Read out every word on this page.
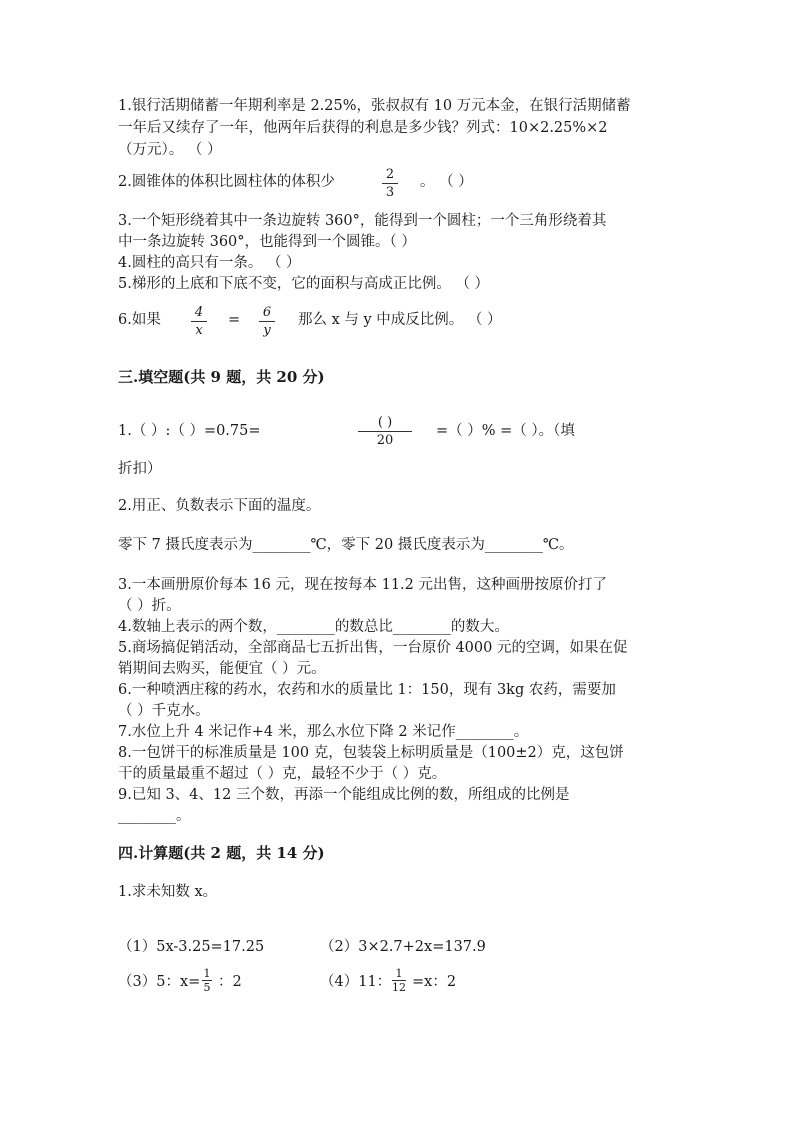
1.银行活期储蓄一年期利率是 2.25%，张叔叔有 10 万元本金，在银行活期储蓄
一年后又续存了一年，他两年后获得的利息是多少钱？列式：10×2.25%×2
（万元）。 （ ）
2.圆锥体的体积比圆柱体的体积少	2
3
。 （ ）
3.一个矩形绕着其中一条边旋转 360°，能得到一个圆柱；一个三角形绕着其
中一条边旋转 360°，也能得到一个圆锥。（ ）
4.圆柱的高只有一条。 （ ）
5.梯形的上底和下底不变，它的面积与高成正比例。 （ ）
6.如果	4
x
= 6
y
那么 x 与 y 中成反比例。 （ ）
三.填空题(共 9 题，共 20 分)
1.（ ）:（ ）=0.75=
( )
20
=（ ）% =（ ）。（填
折扣）
2.用正、负数表示下面的温度。
零下 7 摄氏度表示为________℃，零下 20 摄氏度表示为________℃。
3.一本画册原价每本 16 元，现在按每本 11.2 元出售，这种画册按原价打了
（ ）折。
4.数轴上表示的两个数，________的数总比________的数大。
5.商场搞促销活动，全部商品七五折出售，一台原价 4000 元的空调，如果在促
销期间去购买，能便宜（ ）元。
6.一种喷洒庄稼的药水，农药和水的质量比 1：150，现有 3kg 农药，需要加
（ ）千克水。
7.水位上升 4 米记作+4 米，那么水位下降 2 米记作________。
8.一包饼干的标准质量是 100 克，包装袋上标明质量是（100±2）克，这包饼
干的质量最重不超过（ ）克，最轻不少于（ ）克。
9.已知 3、4、12 三个数，再添一个能组成比例的数，所组成的比例是
________。
四.计算题(共 2 题，共 14 分)
1.求未知数 x。
（1）5x-3.25=17.25	（2）3×2.7+2x=137.9
（3）5：x=
1
5 ：2	（4）11：
1
12 =x：2
